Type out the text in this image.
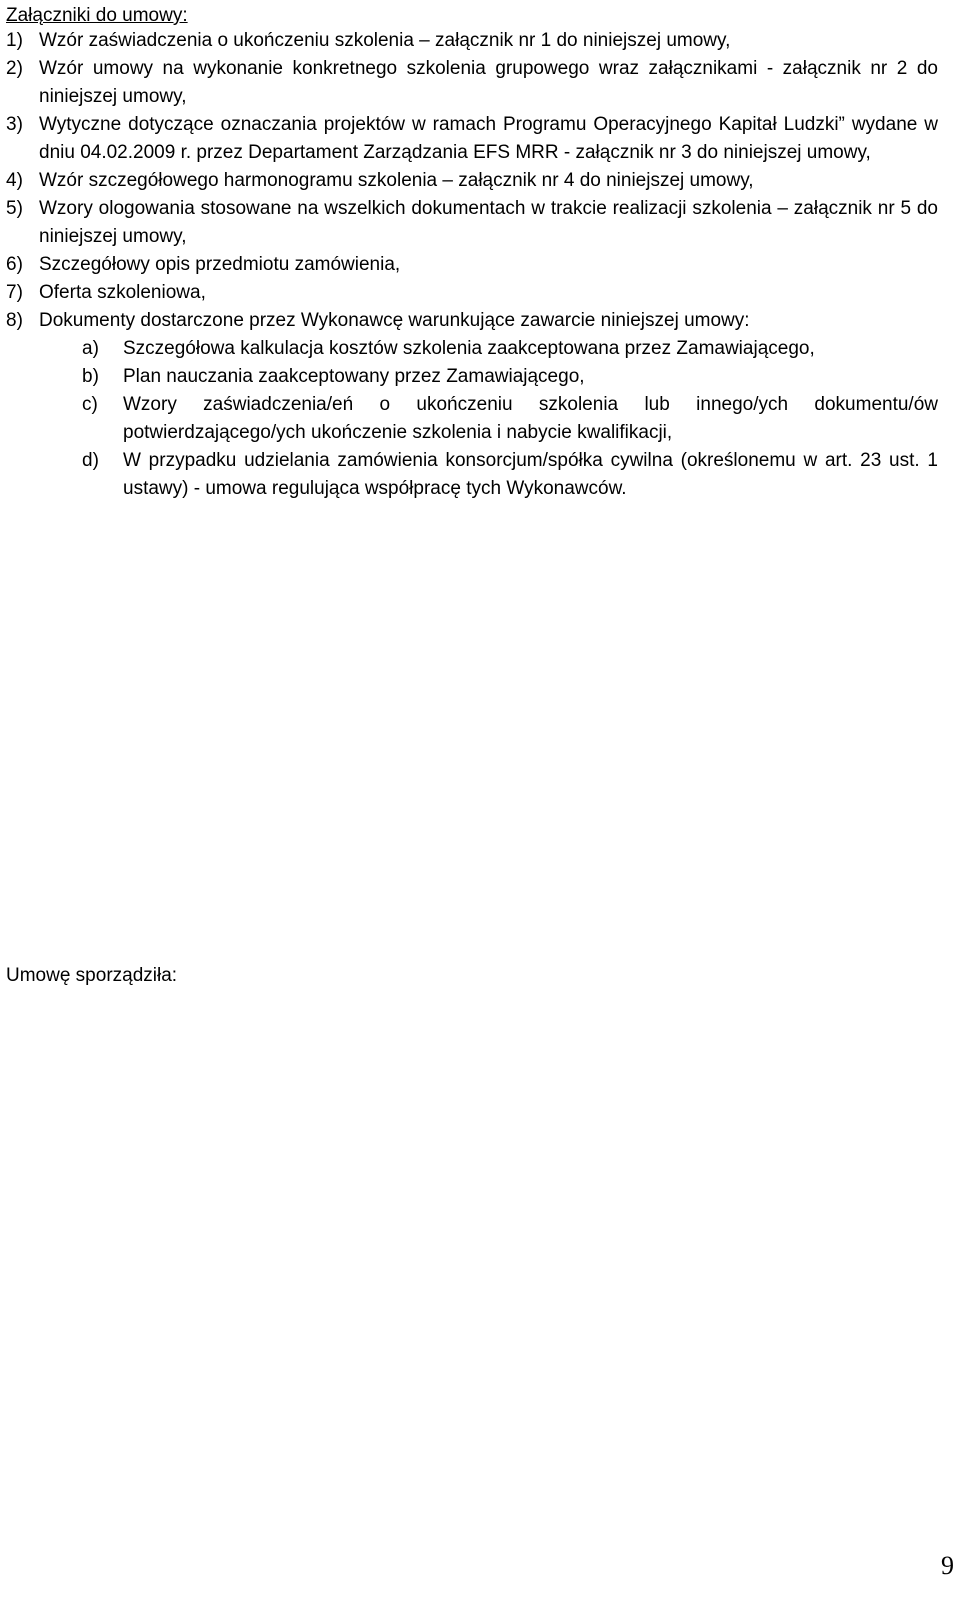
Załączniki do umowy:
1) Wzór zaświadczenia o ukończeniu szkolenia – załącznik nr 1 do niniejszej umowy,
2) Wzór umowy na wykonanie konkretnego szkolenia grupowego wraz załącznikami - załącznik nr 2 do niniejszej umowy,
3) Wytyczne dotyczące oznaczania projektów w ramach Programu Operacyjnego Kapitał Ludzki” wydane w dniu 04.02.2009 r. przez Departament Zarządzania EFS MRR - załącznik nr 3 do niniejszej umowy,
4) Wzór szczegółowego harmonogramu szkolenia – załącznik nr 4 do niniejszej umowy,
5) Wzory ologowania stosowane na wszelkich dokumentach w trakcie realizacji szkolenia – załącznik nr 5 do niniejszej umowy,
6) Szczegółowy opis przedmiotu zamówienia,
7) Oferta szkoleniowa,
8) Dokumenty dostarczone przez Wykonawcę warunkujące zawarcie niniejszej umowy:
a) Szczegółowa kalkulacja kosztów szkolenia zaakceptowana przez Zamawiającego,
b) Plan nauczania zaakceptowany przez Zamawiającego,
c) Wzory zaświadczenia/eń o ukończeniu szkolenia lub innego/ych dokumentu/ów potwierdzającego/ych ukończenie szkolenia i nabycie kwalifikacji,
d) W przypadku udzielania zamówienia konsorcjum/spółka cywilna (określonemu w art. 23 ust. 1 ustawy) - umowa regulująca współpracę tych Wykonawców.
Umowę sporządziła:
9
